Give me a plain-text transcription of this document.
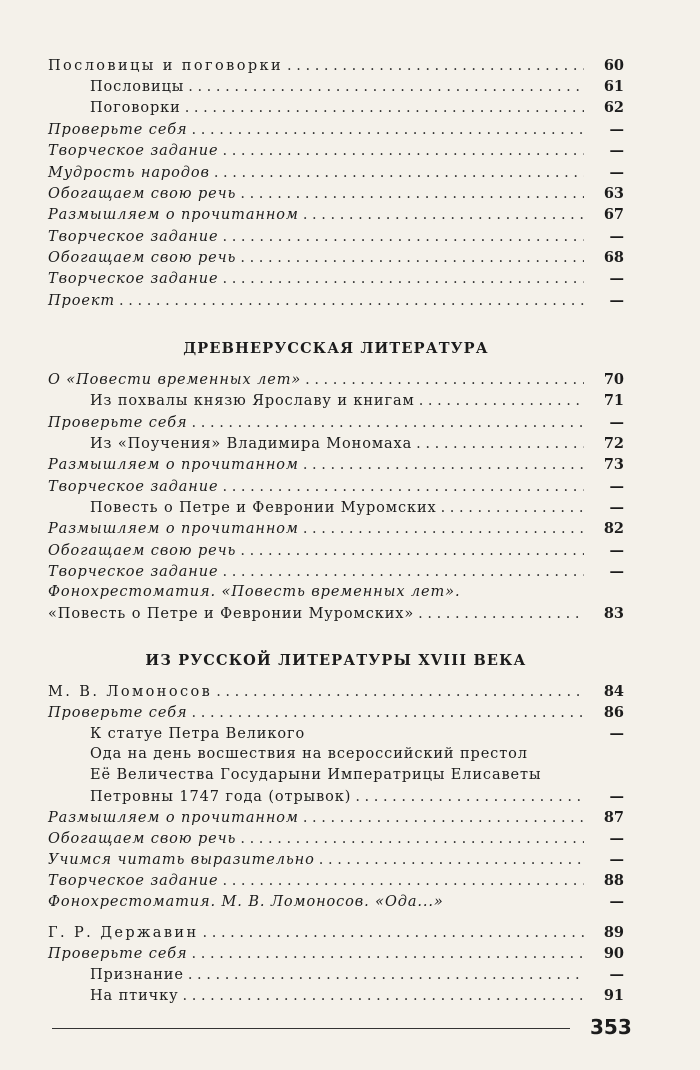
Пословицы и поговорки . . .	60
Пословицы . . .	61
Поговорки . . .	62
Проверьте себя . . .	—
Творческое задание . . .	—
Мудрость народов . . .	—
Обогащаем свою речь . . .	63
Размышляем о прочитанном . . .	67
Творческое задание . . .	—
Обогащаем свою речь . . .	68
Творческое задание . . .	—
Проект . . .	—
ДРЕВНЕРУССКАЯ ЛИТЕРАТУРА
О «Повести временных лет» . . .	70
Из похвалы князю Ярославу и книгам . . .	71
Проверьте себя . . .	—
Из «Поучения» Владимира Мономаха . . .	72
Размышляем о прочитанном . . .	73
Творческое задание . . .	—
Повесть о Петре и Февронии Муромских . . .	—
Размышляем о прочитанном . . .	82
Обогащаем свою речь . . .	—
Творческое задание . . .	—
Фонохрестоматия. «Повесть временных лет».
«Повесть о Петре и Февронии Муромских» . . .	83
ИЗ РУССКОЙ ЛИТЕРАТУРЫ XVIII ВЕКА
М. В. Ломоносов . . .	84
Проверьте себя . . .	86
К статуе Петра Великого	—
Ода на день восшествия на всероссийский престол
Её Величества Государыни Императрицы Елисаветы
Петровны 1747 года (отрывок) . . .	—
Размышляем о прочитанном . . .	87
Обогащаем свою речь . . .	—
Учимся читать выразительно . . .	—
Творческое задание . . .	88
Фонохрестоматия. М. В. Ломоносов. «Ода...»	—
Г. Р. Державин . . .	89
Проверьте себя . . .	90
Признание . . .	—
На птичку . . .	91
353
